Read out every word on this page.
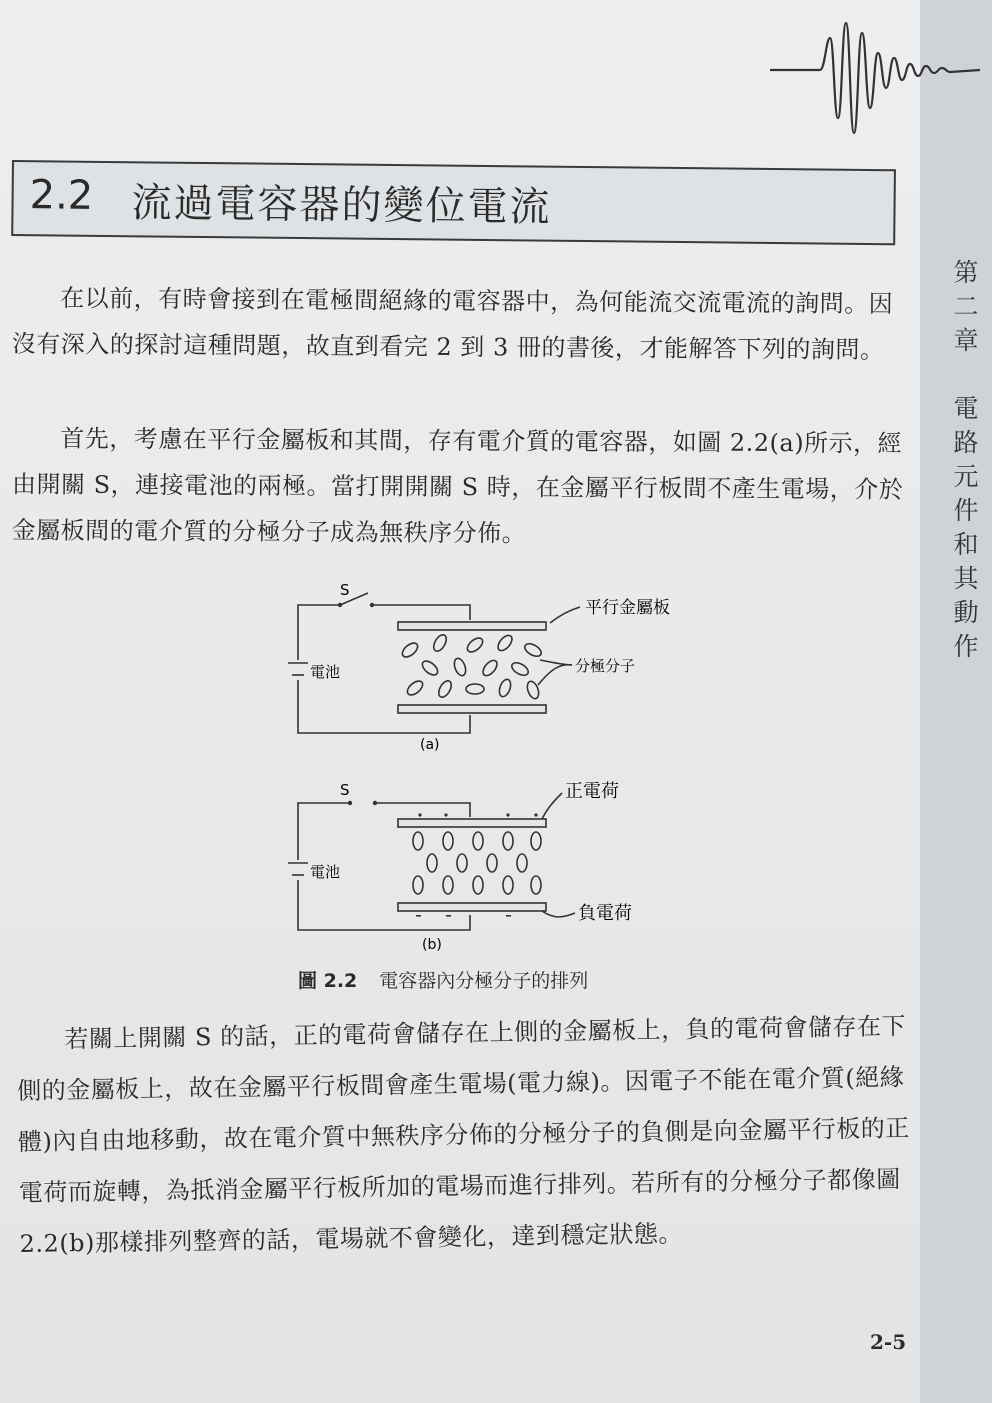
第
二
章

電
路
元
件
和
其
動
作
2.2 流過電容器的變位電流
在以前，有時會接到在電極間絕緣的電容器中，為何能流交流電流的詢問。因沒有深入的探討這種問題，故直到看完 2 到 3 冊的書後，才能解答下列的詢問。
首先，考慮在平行金屬板和其間，存有電介質的電容器，如圖 2.2(a)所示，經由開關 S，連接電池的兩極。當打開開關 S 時，在金屬平行板間不產生電場，介於金屬板間的電介質的分極分子成為無秩序分佈。
S
S
電池
電池
平行金屬板
分極分子
正電荷
負電荷
(a)
(b)
圖 2.2 電容器內分極分子的排列
若關上開關 S 的話，正的電荷會儲存在上側的金屬板上，負的電荷會儲存在下側的金屬板上，故在金屬平行板間會產生電場(電力線)。因電子不能在電介質(絕緣體)內自由地移動，故在電介質中無秩序分佈的分極分子的負側是向金屬平行板的正電荷而旋轉，為抵消金屬平行板所加的電場而進行排列。若所有的分極分子都像圖 2.2(b)那樣排列整齊的話，電場就不會變化，達到穩定狀態。
2-5
